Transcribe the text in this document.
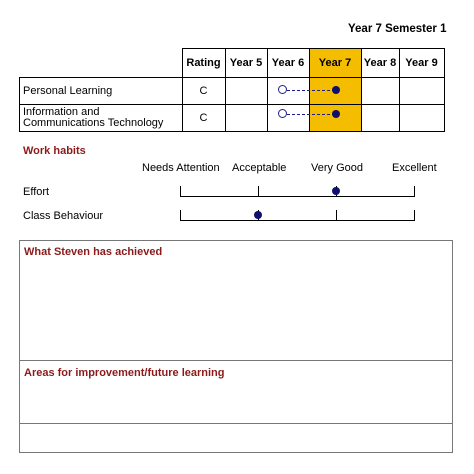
Year 7 Semester 1
	Rating	Year 5	Year 6	Year 7	Year 8	Year 9
Personal Learning	C					
Information and Communications Technology	C					
Work habits
Needs Attention Acceptable Very Good	Excellent
Effort
Class Behaviour
What Steven has achieved
Areas for improvement/future learning
